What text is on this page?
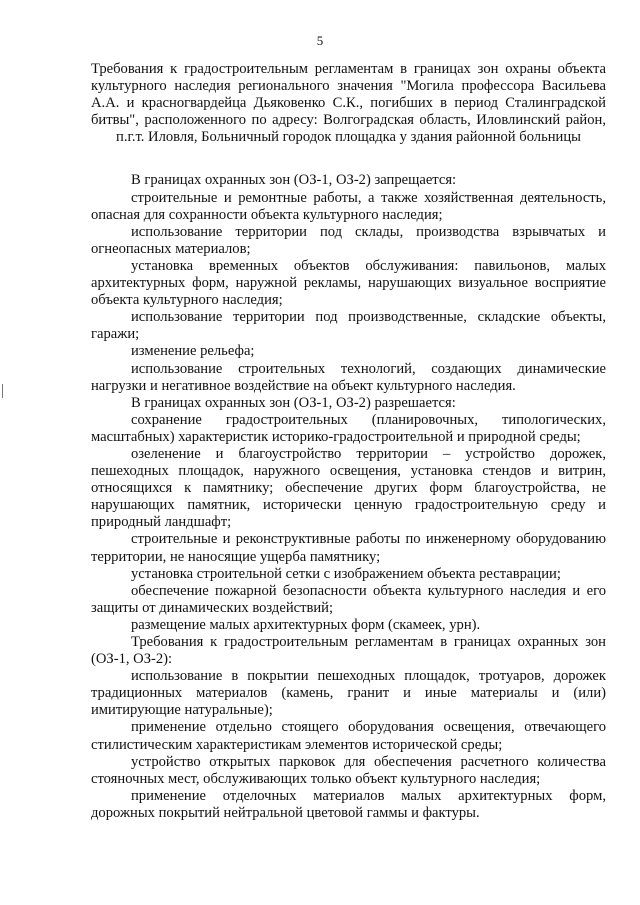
5

Требования к градостроительным регламентам в границах зон охраны объекта культурного наследия регионального значения "Могила профессора Васильева А.А. и красногвардейца Дьяковенко С.К., погибших в период Сталинградской битвы", расположенного по адресу: Волгоградская область, Иловлинский район, п.г.т. Иловля, Больничный городок площадка у здания районной больницы

В границах охранных зон (ОЗ-1, ОЗ-2) запрещается:
строительные и ремонтные работы, а также хозяйственная деятельность, опасная для сохранности объекта культурного наследия;
использование территории под склады, производства взрывчатых и огнеопасных материалов;
установка временных объектов обслуживания: павильонов, малых архитектурных форм, наружной рекламы, нарушающих визуальное восприятие объекта культурного наследия;
использование территории под производственные, складские объекты, гаражи;
изменение рельефа;
использование строительных технологий, создающих динамические нагрузки и негативное воздействие на объект культурного наследия.
В границах охранных зон (ОЗ-1, ОЗ-2) разрешается:
сохранение градостроительных (планировочных, типологических, масштабных) характеристик историко-градостроительной и природной среды;
озеленение и благоустройство территории – устройство дорожек, пешеходных площадок, наружного освещения, установка стендов и витрин, относящихся к памятнику; обеспечение других форм благоустройства, не нарушающих памятник, исторически ценную градостроительную среду и природный ландшафт;
строительные и реконструктивные работы по инженерному оборудованию территории, не наносящие ущерба памятнику;
установка строительной сетки с изображением объекта реставрации;
обеспечение пожарной безопасности объекта культурного наследия и его защиты от динамических воздействий;
размещение малых архитектурных форм (скамеек, урн).
Требования к градостроительным регламентам в границах охранных зон (ОЗ-1, ОЗ-2):
использование в покрытии пешеходных площадок, тротуаров, дорожек традиционных материалов (камень, гранит и иные материалы и (или) имитирующие натуральные);
применение отдельно стоящего оборудования освещения, отвечающего стилистическим характеристикам элементов исторической среды;
устройство открытых парковок для обеспечения расчетного количества стояночных мест, обслуживающих только объект культурного наследия;
применение отделочных материалов малых архитектурных форм, дорожных покрытий нейтральной цветовой гаммы и фактуры.
